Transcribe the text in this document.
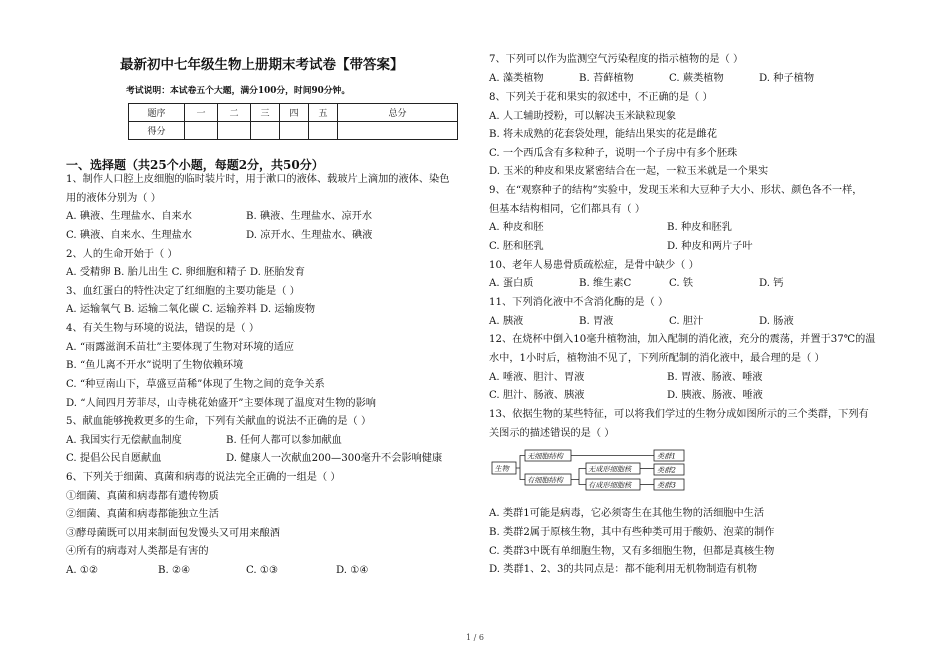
最新初中七年级生物上册期末考试卷【带答案】
考试说明：本试卷五个大题，满分100分，时间90分钟。
题序	一	二	三	四	五	总分
得分						
一、选择题（共25个小题，每题2分，共50分）
1、制作人口腔上皮细胞的临时装片时，用于漱口的液体、载玻片上滴加的液体、染色
用的液体分别为（ ）
A. 碘液、生理盐水、自来水	B. 碘液、生理盐水、凉开水
C. 碘液、自来水、生理盐水	D. 凉开水、生理盐水、碘液
2、人的生命开始于（ ）
A. 受精卵 B. 胎儿出生 C. 卵细胞和精子 D. 胚胎发育
3、血红蛋白的特性决定了红细胞的主要功能是（ ）
A. 运输氧气 B. 运输二氧化碳 C. 运输养料 D. 运输废物
4、有关生物与环境的说法，错误的是（ ）
A. “雨露滋润禾苗壮”主要体现了生物对环境的适应
B. “鱼儿离不开水”说明了生物依赖环境
C. “种豆南山下，草盛豆苗稀”体现了生物之间的竞争关系
D. “人间四月芳菲尽，山寺桃花始盛开”主要体现了温度对生物的影响
5、献血能够挽救更多的生命，下列有关献血的说法不正确的是（ ）
A. 我国实行无偿献血制度	B. 任何人都可以参加献血
C. 提倡公民自愿献血	D. 健康人一次献血200—300毫升不会影响健康
6、下列关于细菌、真菌和病毒的说法完全正确的一组是（ ）
①细菌、真菌和病毒都有遗传物质
②细菌、真菌和病毒都能独立生活
③酵母菌既可以用来制面包发馒头又可用来酿酒
④所有的病毒对人类都是有害的
A. ①②	B. ②④	C. ①③	D. ①④
7、下列可以作为监测空气污染程度的指示植物的是（ ）
A. 藻类植物	B. 苔藓植物	C. 蕨类植物	D. 种子植物
8、下列关于花和果实的叙述中，不正确的是（ ）
A. 人工辅助授粉，可以解决玉米缺粒现象
B. 将未成熟的花套袋处理，能结出果实的花是雌花
C. 一个西瓜含有多粒种子，说明一个子房中有多个胚珠
D. 玉米的种皮和果皮紧密结合在一起，一粒玉米就是一个果实
9、在“观察种子的结构”实验中，发现玉米和大豆种子大小、形状、颜色各不一样，
但基本结构相同，它们都具有（ ）
A. 种皮和胚	B. 种皮和胚乳
C. 胚和胚乳	D. 种皮和两片子叶
10、老年人易患骨质疏松症，是骨中缺少（ ）
A. 蛋白质	B. 维生素C	C. 铁	D. 钙
11、下列消化液中不含消化酶的是（ ）
A. 胰液	B. 胃液	C. 胆汁	D. 肠液
12、在烧杯中倒入10毫升植物油，加入配制的消化液，充分的震荡，并置于37℃的温
水中，1小时后，植物油不见了，下列所配制的消化液中，最合理的是（ ）
A. 唾液、胆汁、胃液	B. 胃液、肠液、唾液
C. 胆汁、肠液、胰液	D. 胰液、肠液、唾液
13、依据生物的某些特征，可以将我们学过的生物分成如图所示的三个类群，下列有
关图示的描述错误的是（ ）
生物
无细胞结构
有细胞结构
无成形细胞核
有成形细胞核
类群1
类群2
类群3
A. 类群1可能是病毒，它必须寄生在其他生物的活细胞中生活
B. 类群2属于原核生物，其中有些种类可用于酸奶、泡菜的制作
C. 类群3中既有单细胞生物，又有多细胞生物，但都是真核生物
D. 类群1、2、3的共同点是：都不能利用无机物制造有机物
1 / 6
